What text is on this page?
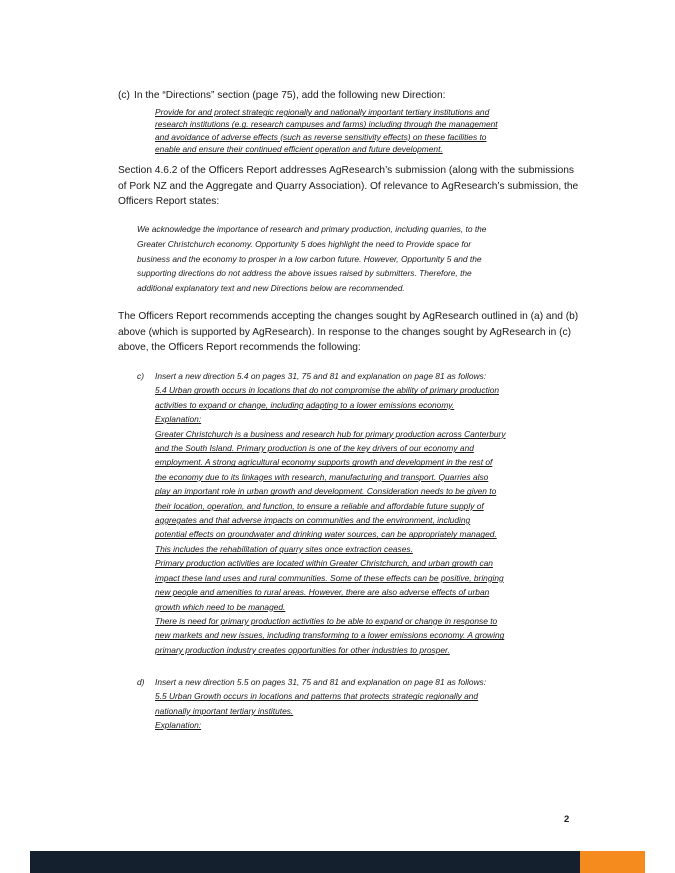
(c) In the “Directions” section (page 75), add the following new Direction:

Provide for and protect strategic regionally and nationally important tertiary institutions and

research institutions (e.g. research campuses and farms) including through the management

and avoidance of adverse effects (such as reverse sensitivity effects) on these facilities to

enable and ensure their continued efficient operation and future development.

Section 4.6.2 of the Officers Report addresses AgResearch’s submission (along with the submissions of Pork NZ and the Aggregate and Quarry Association). Of relevance to AgResearch’s submission, the Officers Report states:

We acknowledge the importance of research and primary production, including quarries, to the

Greater Christchurch economy. Opportunity 5 does highlight the need to Provide space for

business and the economy to prosper in a low carbon future. However, Opportunity 5 and the

supporting directions do not address the above issues raised by submitters. Therefore, the

additional explanatory text and new Directions below are recommended.

The Officers Report recommends accepting the changes sought by AgResearch outlined in (a) and (b) above (which is supported by AgResearch). In response to the changes sought by AgResearch in (c) above, the Officers Report recommends the following:

c) Insert a new direction 5.4 on pages 31, 75 and 81 and explanation on page 81 as follows:

5.4 Urban growth occurs in locations that do not compromise the ability of primary production

activities to expand or change, including adapting to a lower emissions economy.

Explanation:

Greater Christchurch is a business and research hub for primary production across Canterbury

and the South Island. Primary production is one of the key drivers of our economy and

employment. A strong agricultural economy supports growth and development in the rest of

the economy due to its linkages with research, manufacturing and transport. Quarries also

play an important role in urban growth and development. Consideration needs to be given to

their location, operation, and function, to ensure a reliable and affordable future supply of

aggregates and that adverse impacts on communities and the environment, including

potential effects on groundwater and drinking water sources, can be appropriately managed.

This includes the rehabilitation of quarry sites once extraction ceases.

Primary production activities are located within Greater Christchurch, and urban growth can

impact these land uses and rural communities. Some of these effects can be positive, bringing

new people and amenities to rural areas. However, there are also adverse effects of urban

growth which need to be managed.

There is need for primary production activities to be able to expand or change in response to

new markets and new issues, including transforming to a lower emissions economy. A growing

primary production industry creates opportunities for other industries to prosper.

d) Insert a new direction 5.5 on pages 31, 75 and 81 and explanation on page 81 as follows:

5.5 Urban Growth occurs in locations and patterns that protects strategic regionally and

nationally important tertiary institutes.

Explanation:

2
